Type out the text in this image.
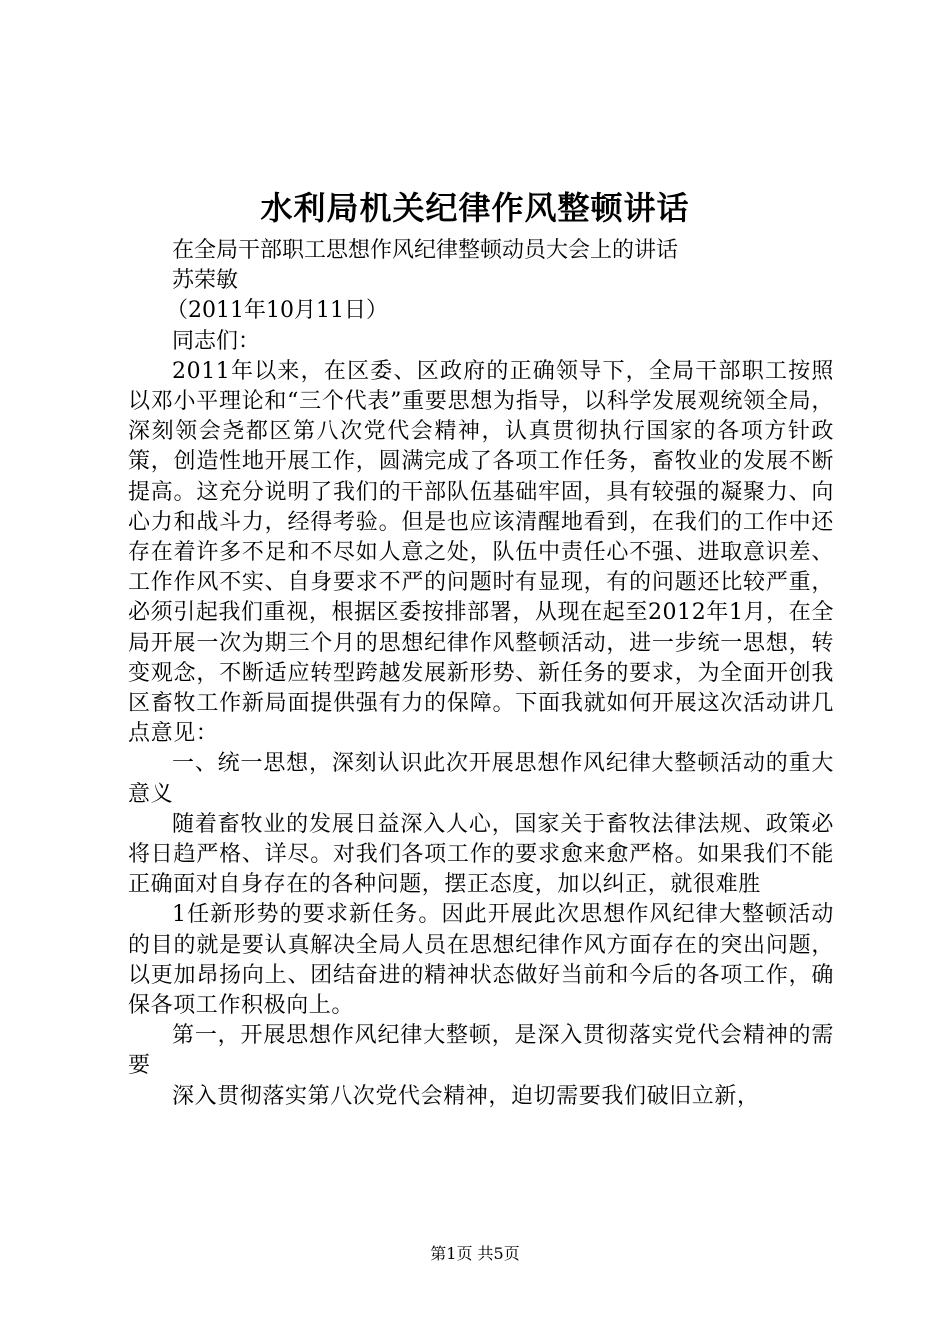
水利局机关纪律作风整顿讲话

在全局干部职工思想作风纪律整顿动员大会上的讲话

苏荣敏

（2011年10月11日）

同志们：

2011年以来，在区委、区政府的正确领导下，全局干部职工按照以邓小平理论和“三个代表”重要思想为指导，以科学发展观统领全局，深刻领会尧都区第八次党代会精神，认真贯彻执行国家的各项方针政策，创造性地开展工作，圆满完成了各项工作任务，畜牧业的发展不断提高。这充分说明了我们的干部队伍基础牢固，具有较强的凝聚力、向心力和战斗力，经得考验。但是也应该清醒地看到，在我们的工作中还存在着许多不足和不尽如人意之处，队伍中责任心不强、进取意识差、工作作风不实、自身要求不严的问题时有显现，有的问题还比较严重，必须引起我们重视，根据区委按排部署，从现在起至2012年1月，在全局开展一次为期三个月的思想纪律作风整顿活动，进一步统一思想，转变观念，不断适应转型跨越发展新形势、新任务的要求，为全面开创我区畜牧工作新局面提供强有力的保障。下面我就如何开展这次活动讲几点意见：

一、统一思想，深刻认识此次开展思想作风纪律大整顿活动的重大意义

随着畜牧业的发展日益深入人心，国家关于畜牧法律法规、政策必将日趋严格、详尽。对我们各项工作的要求愈来愈严格。如果我们不能正确面对自身存在的各种问题，摆正态度，加以纠正，就很难胜

1任新形势的要求新任务。因此开展此次思想作风纪律大整顿活动的目的就是要认真解决全局人员在思想纪律作风方面存在的突出问题，以更加昂扬向上、团结奋进的精神状态做好当前和今后的各项工作，确保各项工作积极向上。

第一，开展思想作风纪律大整顿，是深入贯彻落实党代会精神的需要

深入贯彻落实第八次党代会精神，迫切需要我们破旧立新，

第1页 共5页
